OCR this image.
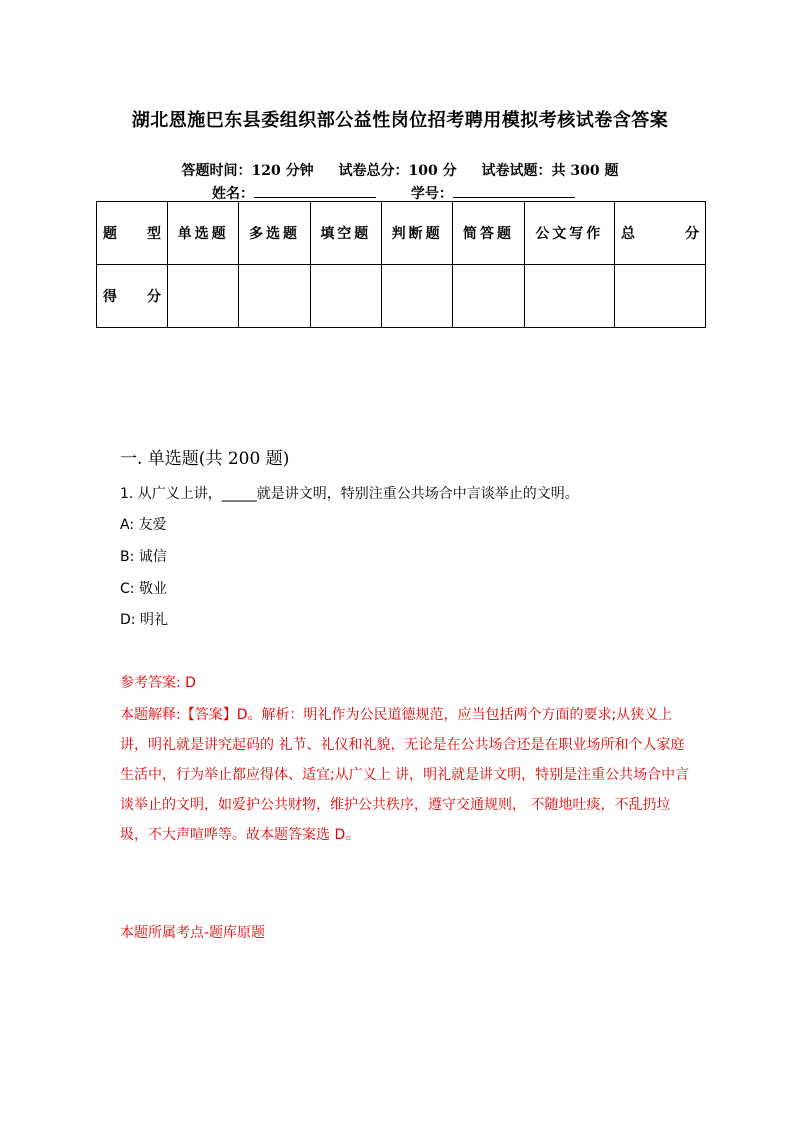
湖北恩施巴东县委组织部公益性岗位招考聘用模拟考核试卷含答案
答题时间：120 分钟 试卷总分：100 分 试卷试题：共 300 题
姓名：	学号：
题 型	单选题	多选题	填空题	判断题	简答题	公文写作	总 分

得 分							

一. 单选题(共 200 题)
1. 从广义上讲，_____就是讲文明，特别注重公共场合中言谈举止的文明。
A: 友爱
B: 诚信
C: 敬业
D: 明礼
参考答案: D
本题解释:【答案】D。解析：明礼作为公民道德规范，应当包括两个方面的要求;从狭义上讲，明礼就是讲究起码的 礼节、礼仪和礼貌，无论是在公共场合还是在职业场所和个人家庭生活中，行为举止都应得体、适宜;从广义上 讲，明礼就是讲文明，特别是注重公共场合中言谈举止的文明，如爱护公共财物，维护公共秩序，遵守交通规则， 不随地吐痰，不乱扔垃圾，不大声喧哗等。故本题答案选 D。
本题所属考点-题库原题
